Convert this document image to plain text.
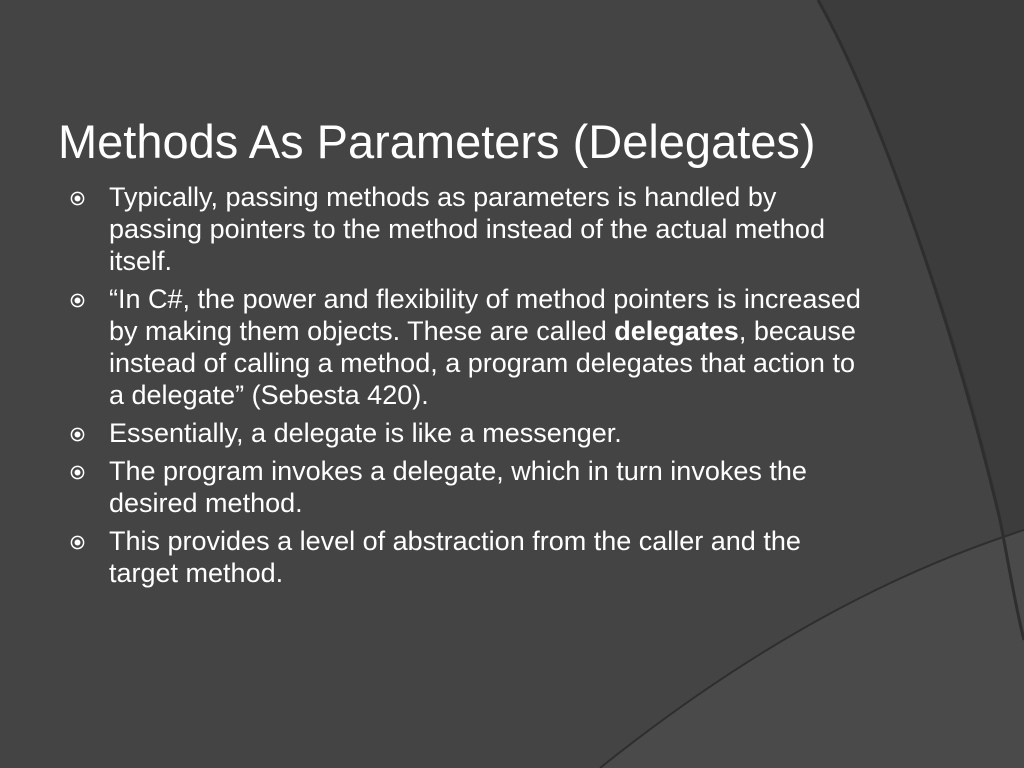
Methods As Parameters (Delegates)
Typically, passing methods as parameters is handled by passing pointers to the method instead of the actual method itself.
“In C#, the power and flexibility of method pointers is increased by making them objects. These are called delegates, because instead of calling a method, a program delegates that action to a delegate” (Sebesta 420).
Essentially, a delegate is like a messenger.
The program invokes a delegate, which in turn invokes the desired method.
This provides a level of abstraction from the caller and the target method.
